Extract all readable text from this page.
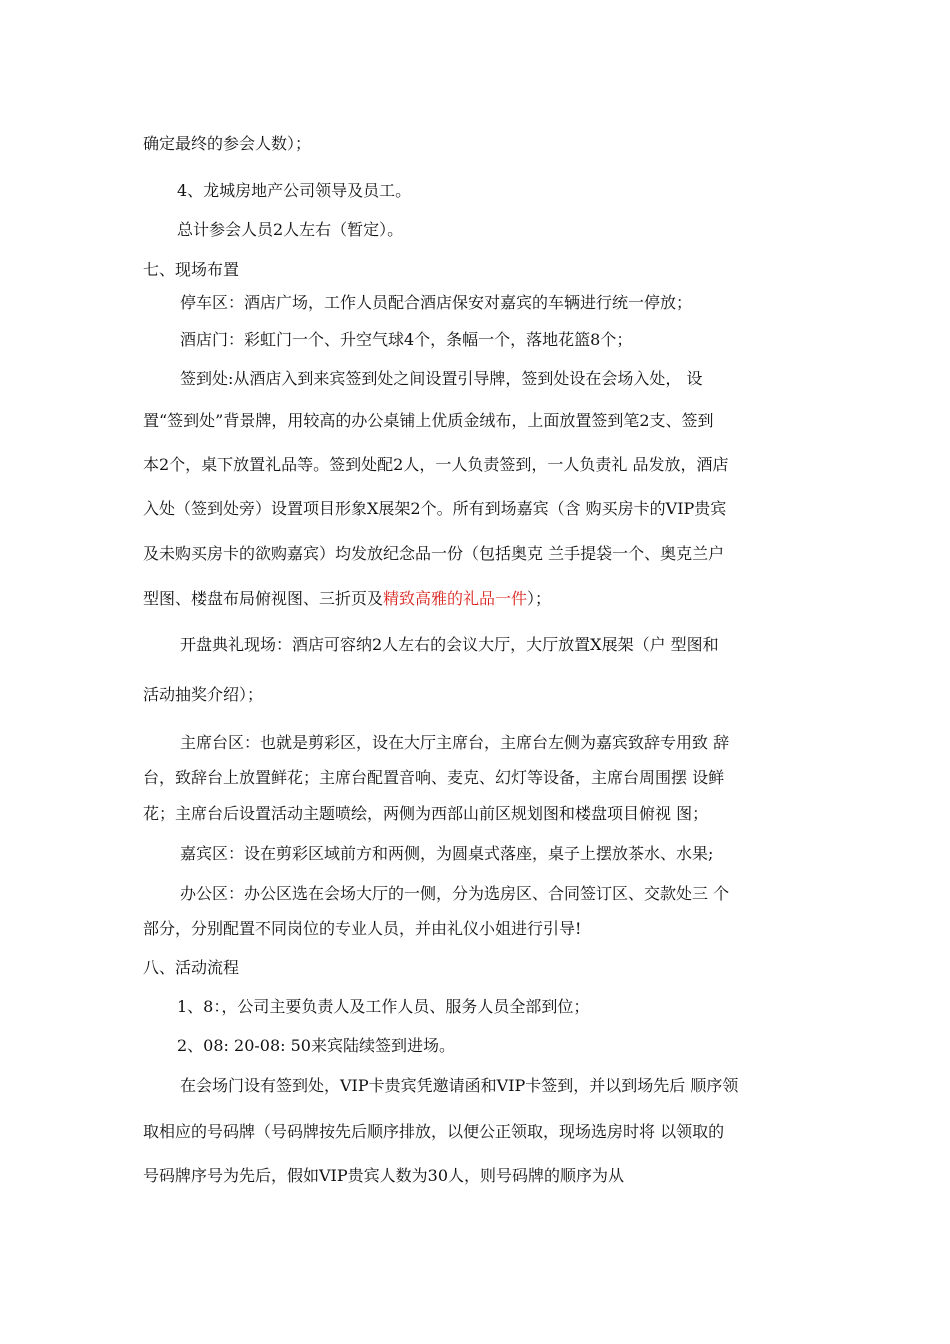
确定最终的参会人数）；

4、龙城房地产公司领导及员工。

总计参会人员2人左右（暂定）。

七、现场布置

停车区：酒店广场，工作人员配合酒店保安对嘉宾的车辆进行统一停放；

酒店门：彩虹门一个、升空气球4个，条幅一个，落地花篮8个；

签到处:从酒店入到来宾签到处之间设置引导牌，签到处设在会场入处， 设

置“签到处”背景牌，用较高的办公桌铺上优质金绒布，上面放置签到笔2支、签到

本2个，桌下放置礼品等。签到处配2人，一人负责签到，一人负责礼 品发放，酒店

入处（签到处旁）设置项目形象X展架2个。所有到场嘉宾（含 购买房卡的VIP贵宾

及未购买房卡的欲购嘉宾）均发放纪念品一份（包括奥克 兰手提袋一个、奥克兰户

型图、楼盘布局俯视图、三折页及精致高雅的礼品一件）；

开盘典礼现场：酒店可容纳2人左右的会议大厅，大厅放置X展架（户 型图和

活动抽奖介绍）；

主席台区：也就是剪彩区，设在大厅主席台，主席台左侧为嘉宾致辞专用致 辞

台，致辞台上放置鲜花；主席台配置音响、麦克、幻灯等设备，主席台周围摆 设鲜

花；主席台后设置活动主题喷绘，两侧为西部山前区规划图和楼盘项目俯视 图；

嘉宾区：设在剪彩区域前方和两侧，为圆桌式落座，桌子上摆放茶水、水果;

办公区：办公区选在会场大厅的一侧，分为选房区、合同签订区、交款处三 个

部分，分别配置不同岗位的专业人员，并由礼仪小姐进行引导!

八、活动流程

1、8：，公司主要负责人及工作人员、服务人员全部到位；

2、08: 20-08: 50来宾陆续签到进场。

在会场门设有签到处，VIP卡贵宾凭邀请函和VIP卡签到，并以到场先后 顺序领

取相应的号码牌（号码牌按先后顺序排放，以便公正领取，现场选房时将 以领取的

号码牌序号为先后，假如VIP贵宾人数为30人，则号码牌的顺序为从
